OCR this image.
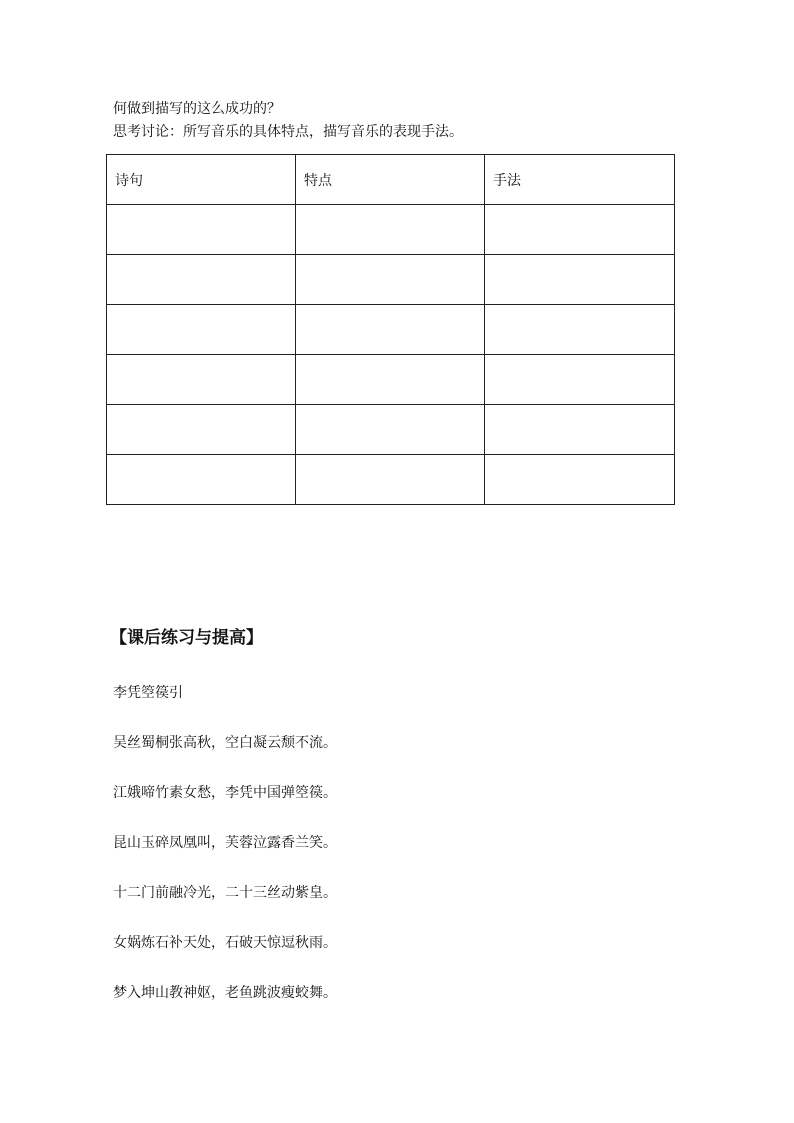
何做到描写的这么成功的？
思考讨论：所写音乐的具体特点，描写音乐的表现手法。
诗句	特点	手法

【课后练习与提高】
李凭箜篌引
吴丝蜀桐张高秋，空白凝云颓不流。
江娥啼竹素女愁，李凭中国弹箜篌。
昆山玉碎凤凰叫，芙蓉泣露香兰笑。
十二门前融冷光，二十三丝动紫皇。
女娲炼石补天处，石破天惊逗秋雨。
梦入坤山教神妪，老鱼跳波瘦蛟舞。
